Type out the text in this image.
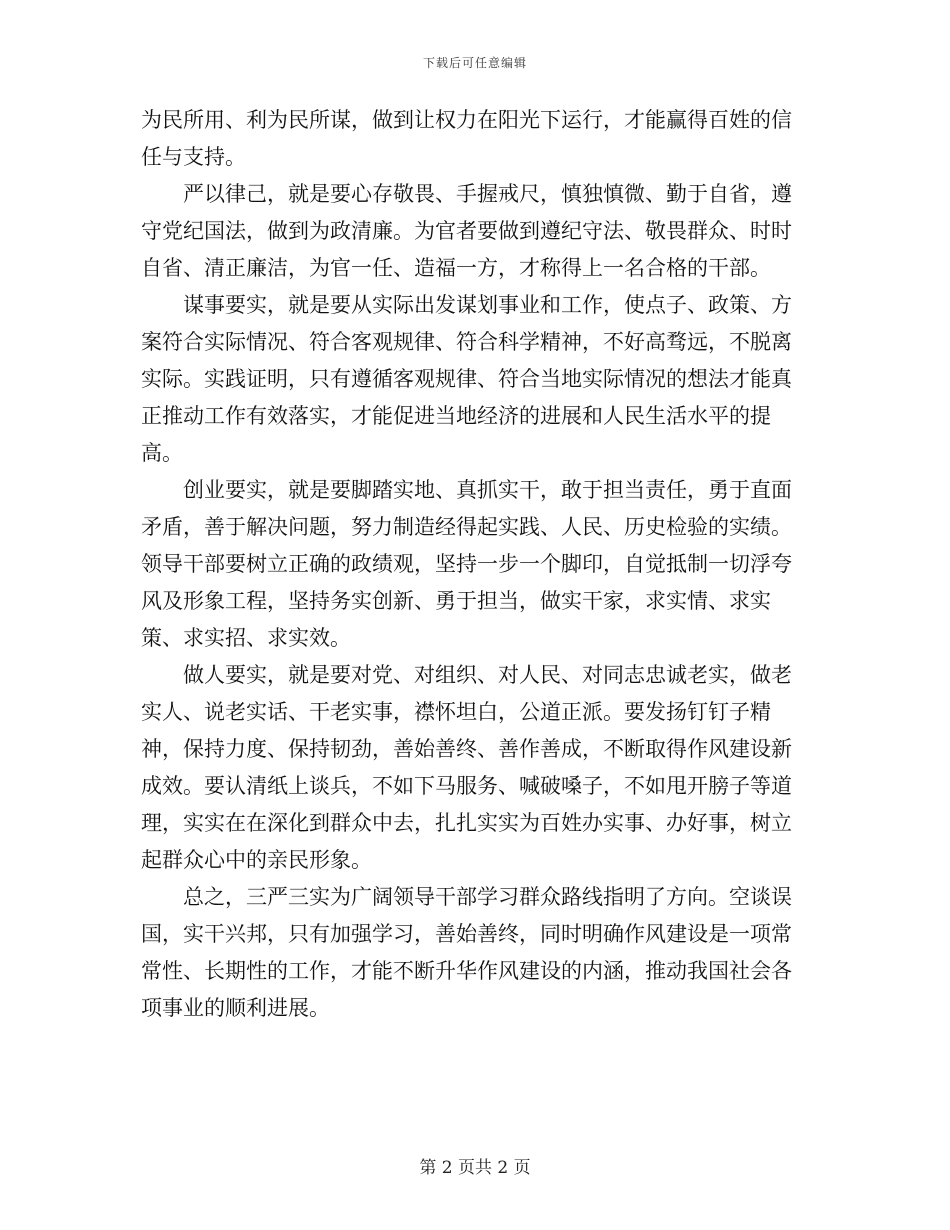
下载后可任意编辑

为民所用、利为民所谋，做到让权力在阳光下运行，才能赢得百姓的信任与支持。

严以律己，就是要心存敬畏、手握戒尺，慎独慎微、勤于自省，遵守党纪国法，做到为政清廉。为官者要做到遵纪守法、敬畏群众、时时自省、清正廉洁，为官一任、造福一方，才称得上一名合格的干部。

谋事要实，就是要从实际出发谋划事业和工作，使点子、政策、方案符合实际情况、符合客观规律、符合科学精神，不好高骛远，不脱离实际。实践证明，只有遵循客观规律、符合当地实际情况的想法才能真正推动工作有效落实，才能促进当地经济的进展和人民生活水平的提高。

创业要实，就是要脚踏实地、真抓实干，敢于担当责任，勇于直面矛盾，善于解决问题，努力制造经得起实践、人民、历史检验的实绩。领导干部要树立正确的政绩观，坚持一步一个脚印，自觉抵制一切浮夸风及形象工程，坚持务实创新、勇于担当，做实干家，求实情、求实策、求实招、求实效。

做人要实，就是要对党、对组织、对人民、对同志忠诚老实，做老实人、说老实话、干老实事，襟怀坦白，公道正派。要发扬钉钉子精神，保持力度、保持韧劲，善始善终、善作善成，不断取得作风建设新成效。要认清纸上谈兵，不如下马服务、喊破嗓子，不如甩开膀子等道理，实实在在深化到群众中去，扎扎实实为百姓办实事、办好事，树立起群众心中的亲民形象。

总之，三严三实为广阔领导干部学习群众路线指明了方向。空谈误国，实干兴邦，只有加强学习，善始善终，同时明确作风建设是一项常常性、长期性的工作，才能不断升华作风建设的内涵，推动我国社会各项事业的顺利进展。

第 2 页共 2 页
